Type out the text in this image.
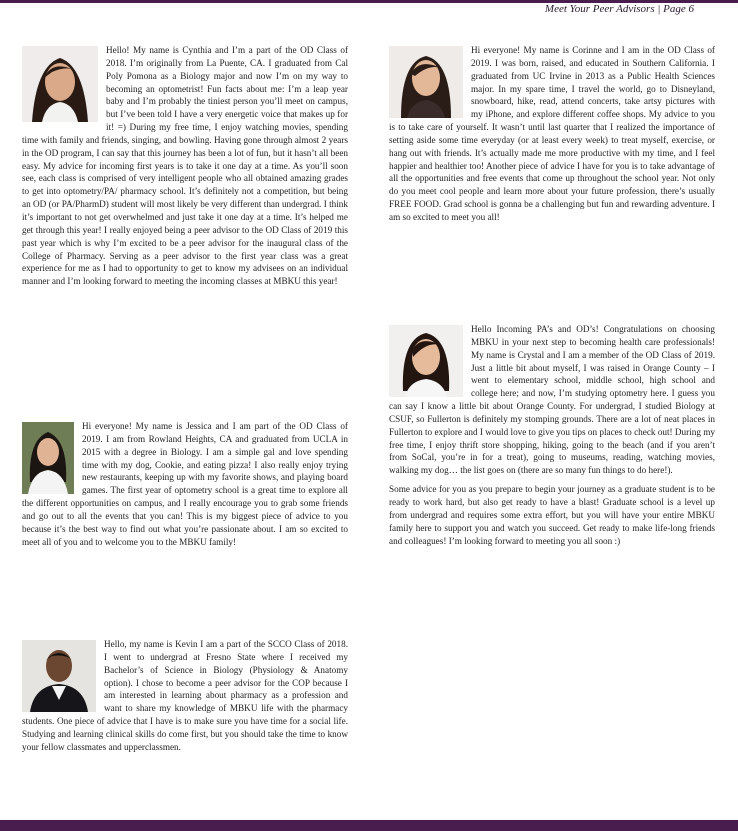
Meet Your Peer Advisors | Page 6

Hello! My name is Cynthia and I’m a part of the OD Class of 2018. I’m originally from La Puente, CA. I graduated from Cal Poly Pomona as a Biology major and now I’m on my way to becoming an optometrist! Fun facts about me: I’m a leap year baby and I’m probably the tiniest person you’ll meet on campus, but I’ve been told I have a very energetic voice that makes up for it! =) During my free time, I enjoy watching movies, spending time with family and friends, singing, and bowling. Having gone through almost 2 years in the OD program, I can say that this journey has been a lot of fun, but it hasn’t all been easy. My advice for incoming first years is to take it one day at a time. As you’ll soon see, each class is comprised of very intelligent people who all obtained amazing grades to get into optometry/PA/ pharmacy school. It’s definitely not a competition, but being an OD (or PA/PharmD) student will most likely be very different than undergrad. I think it’s important to not get overwhelmed and just take it one day at a time. It’s helped me get through this year! I really enjoyed being a peer advisor to the OD Class of 2019 this past year which is why I’m excited to be a peer advisor for the inaugural class of the College of Pharmacy. Serving as a peer advisor to the first year class was a great experience for me as I had to opportunity to get to know my advisees on an individual manner and I’m looking forward to meeting the incoming classes at MBKU this year!

Hi everyone! My name is Jessica and I am part of the OD Class of 2019. I am from Rowland Heights, CA and graduated from UCLA in 2015 with a degree in Biology. I am a simple gal and love spending time with my dog, Cookie, and eating pizza! I also really enjoy trying new restaurants, keeping up with my favorite shows, and playing board games. The first year of optometry school is a great time to explore all the different opportunities on campus, and I really encourage you to grab some friends and go out to all the events that you can! This is my biggest piece of advice to you because it’s the best way to find out what you’re passionate about. I am so excited to meet all of you and to welcome you to the MBKU family!

Hello, my name is Kevin I am a part of the SCCO Class of 2018. I went to undergrad at Fresno State where I received my Bachelor’s of Science in Biology (Physiology & Anatomy option). I chose to become a peer advisor for the COP because I am interested in learning about pharmacy as a profession and want to share my knowledge of MBKU life with the pharmacy students. One piece of advice that I have is to make sure you have time for a social life. Studying and learning clinical skills do come first, but you should take the time to know your fellow classmates and upperclassmen.

Hi everyone! My name is Corinne and I am in the OD Class of 2019. I was born, raised, and educated in Southern California. I graduated from UC Irvine in 2013 as a Public Health Sciences major. In my spare time, I travel the world, go to Disneyland, snowboard, hike, read, attend concerts, take artsy pictures with my iPhone, and explore different coffee shops. My advice to you is to take care of yourself. It wasn’t until last quarter that I realized the importance of setting aside some time everyday (or at least every week) to treat myself, exercise, or hang out with friends. It’s actually made me more productive with my time, and I feel happier and healthier too! Another piece of advice I have for you is to take advantage of all the opportunities and free events that come up throughout the school year. Not only do you meet cool people and learn more about your future profession, there’s usually FREE FOOD. Grad school is gonna be a challenging but fun and rewarding adventure. I am so excited to meet you all!

Hello Incoming PA’s and OD’s! Congratulations on choosing MBKU in your next step to becoming health care professionals! My name is Crystal and I am a member of the OD Class of 2019. Just a little bit about myself, I was raised in Orange County – I went to elementary school, middle school, high school and college here; and now, I’m studying optometry here. I guess you can say I know a little bit about Orange County. For undergrad, I studied Biology at CSUF, so Fullerton is definitely my stomping grounds. There are a lot of neat places in Fullerton to explore and I would love to give you tips on places to check out! During my free time, I enjoy thrift store shopping, hiking, going to the beach (and if you aren’t from SoCal, you’re in for a treat), going to museums, reading, watching movies, walking my dog… the list goes on (there are so many fun things to do here!).

Some advice for you as you prepare to begin your journey as a graduate student is to be ready to work hard, but also get ready to have a blast! Graduate school is a level up from undergrad and requires some extra effort, but you will have your entire MBKU family here to support you and watch you succeed. Get ready to make life-long friends and colleagues! I’m looking forward to meeting you all soon :)
